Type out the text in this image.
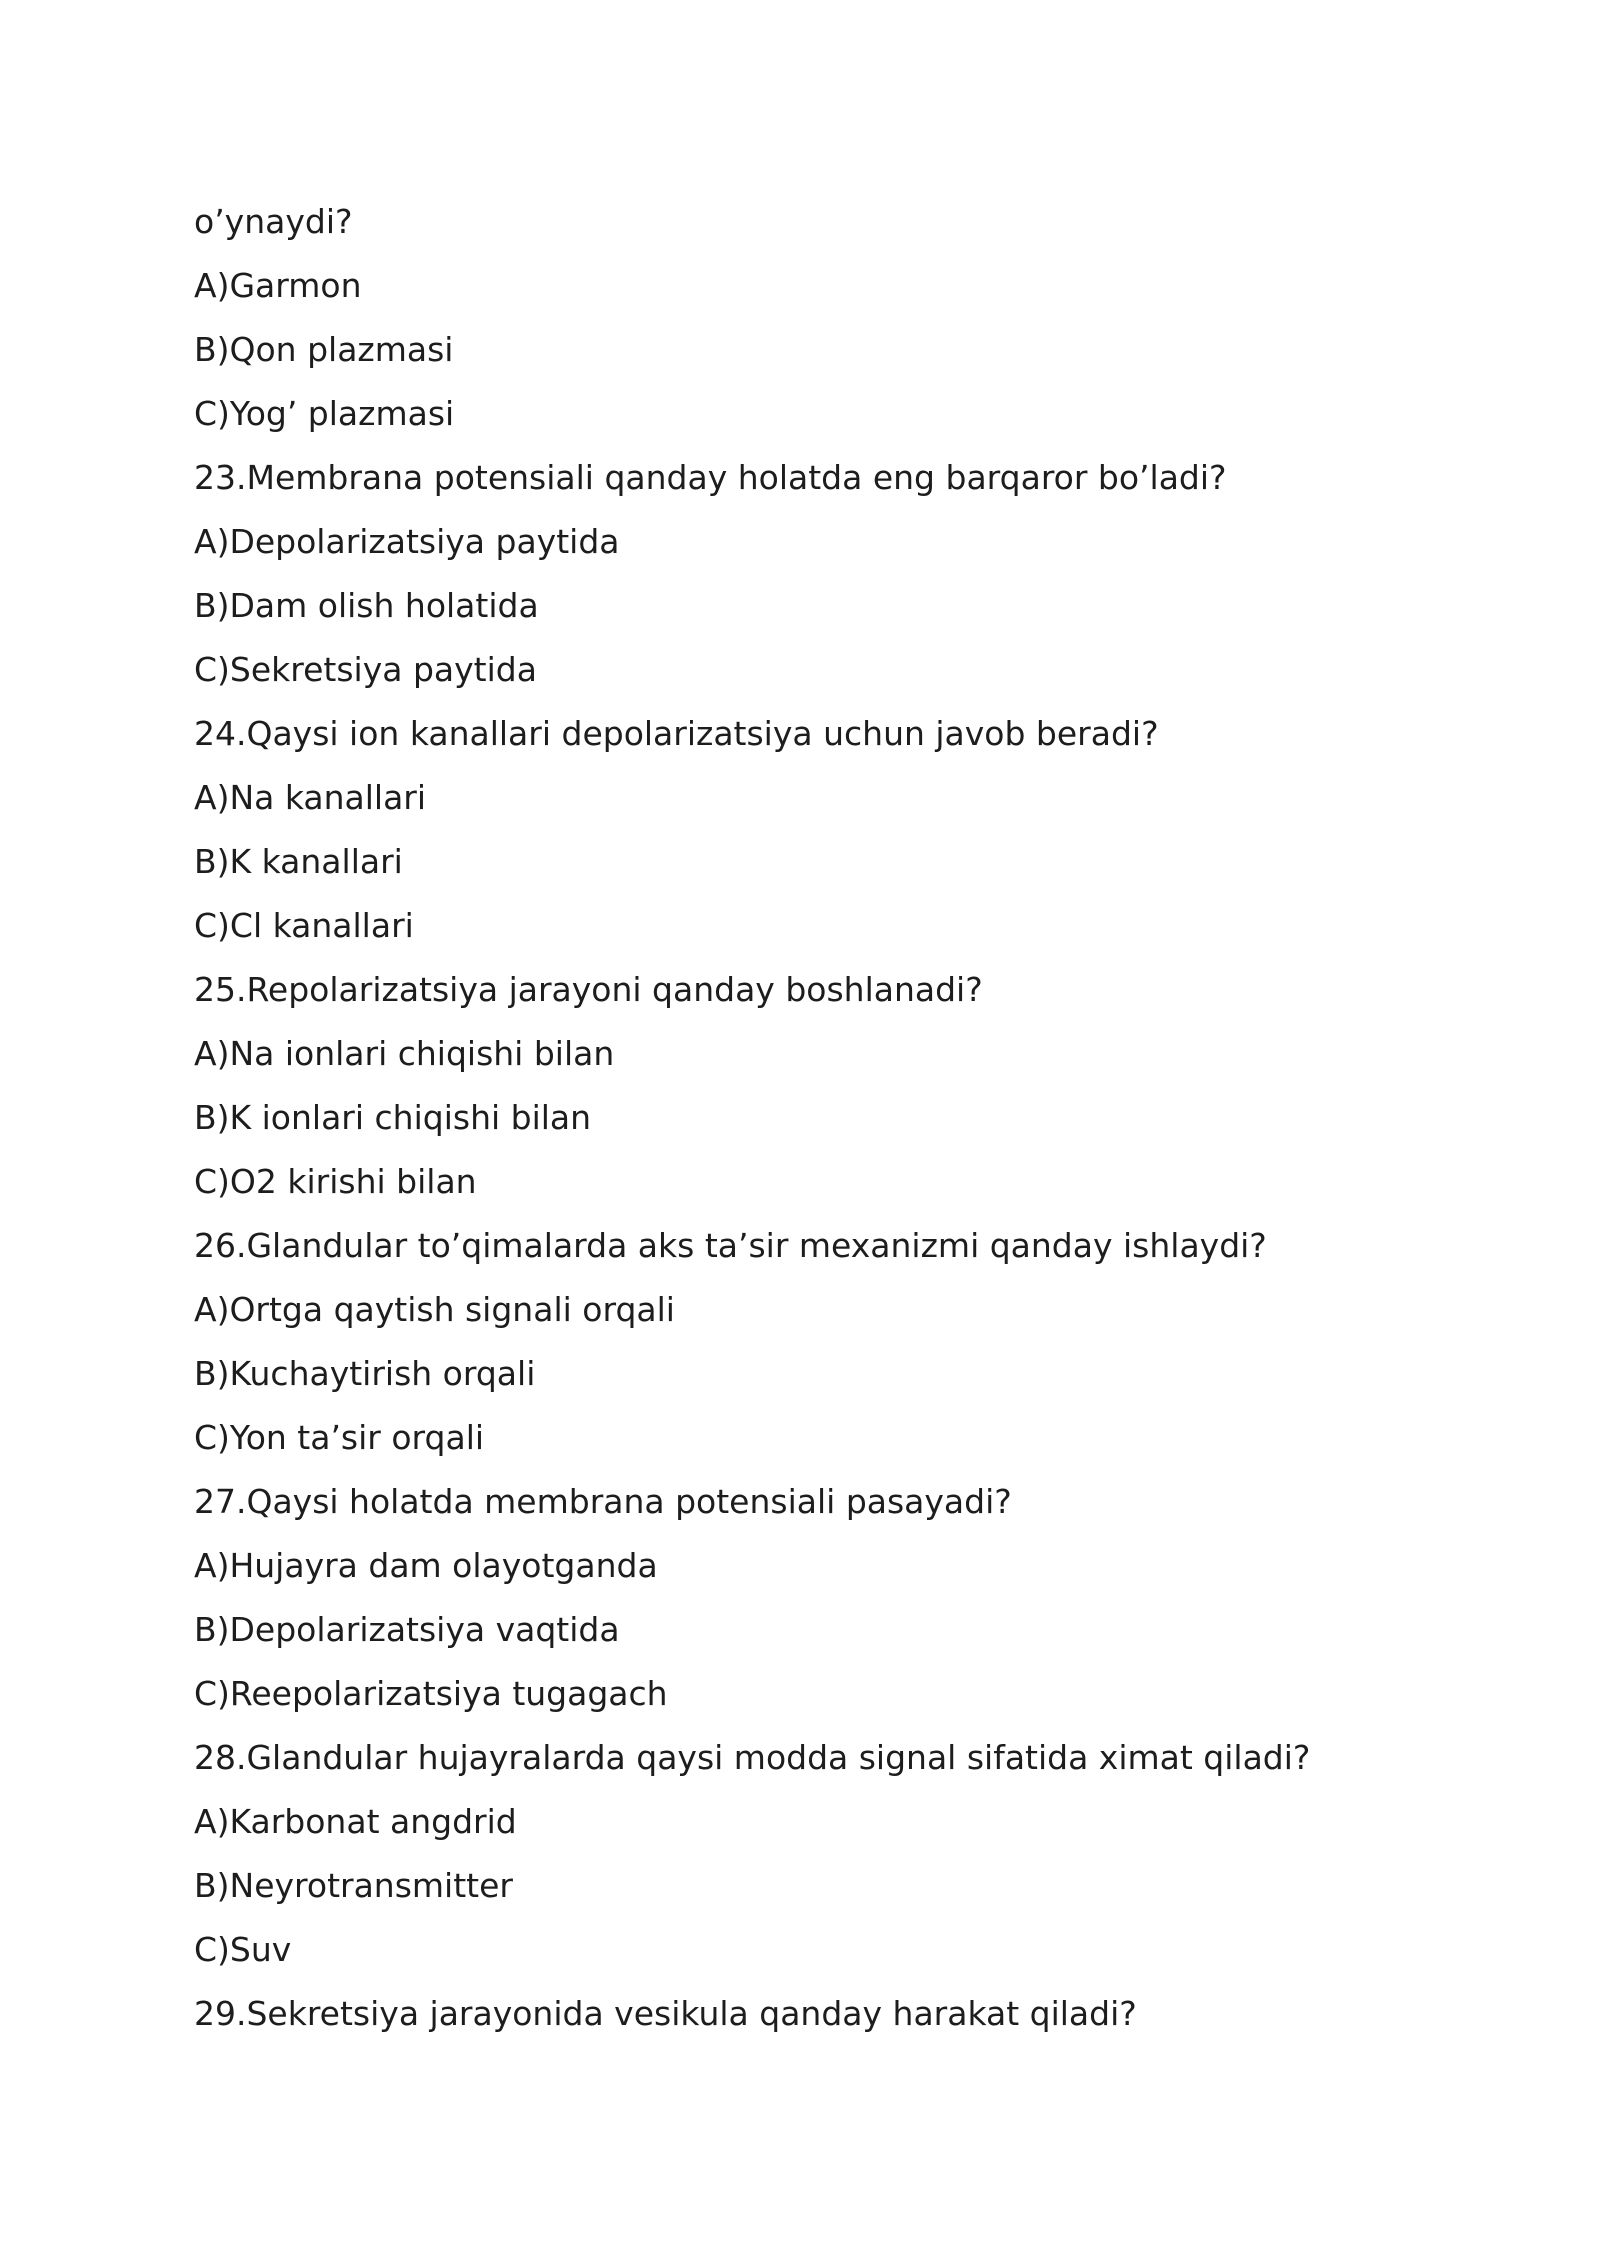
o’ynaydi?
A)Garmon
B)Qon plazmasi
C)Yog’ plazmasi
23.Membrana potensiali qanday holatda eng barqaror bo’ladi?
A)Depolarizatsiya paytida
B)Dam olish holatida
C)Sekretsiya paytida
24.Qaysi ion kanallari depolarizatsiya uchun javob beradi?
A)Na kanallari
B)K kanallari
C)Cl kanallari
25.Repolarizatsiya jarayoni qanday boshlanadi?
A)Na ionlari chiqishi bilan
B)K ionlari chiqishi bilan
C)O2 kirishi bilan
26.Glandular to’qimalarda aks ta’sir mexanizmi qanday ishlaydi?
A)Ortga qaytish signali orqali
B)Kuchaytirish orqali
C)Yon ta’sir orqali
27.Qaysi holatda membrana potensiali pasayadi?
A)Hujayra dam olayotganda
B)Depolarizatsiya vaqtida
C)Reepolarizatsiya tugagach
28.Glandular hujayralarda qaysi modda signal sifatida ximat qiladi?
A)Karbonat angdrid
B)Neyrotransmitter
C)Suv
29.Sekretsiya jarayonida vesikula qanday harakat qiladi?
